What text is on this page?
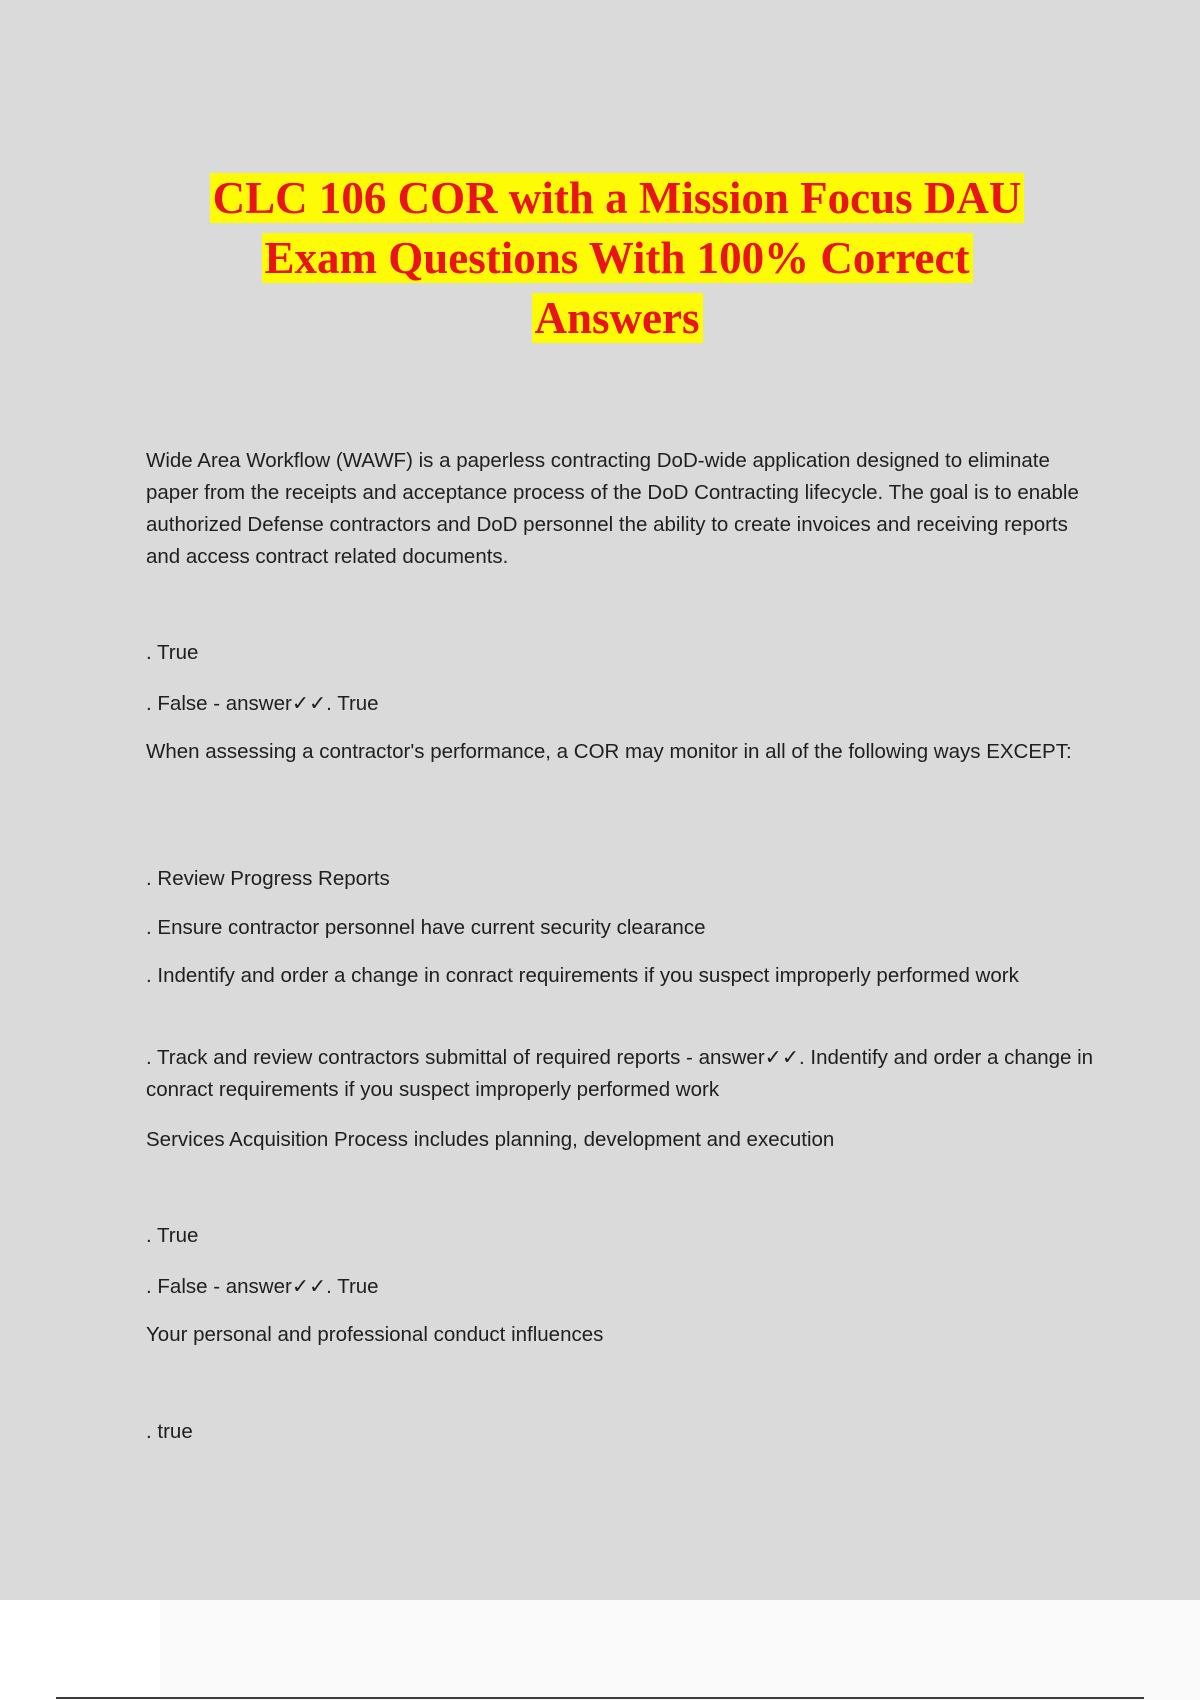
CLC 106 COR with a Mission Focus DAU
Exam Questions With 100% Correct
Answers

Wide Area Workflow (WAWF) is a paperless contracting DoD-wide application designed to eliminate paper from the receipts and acceptance process of the DoD Contracting lifecycle. The goal is to enable authorized Defense contractors and DoD personnel the ability to create invoices and receiving reports and access contract related documents.

. True

. False - answer✓✓. True

When assessing a contractor's performance, a COR may monitor in all of the following ways EXCEPT:

. Review Progress Reports

. Ensure contractor personnel have current security clearance

. Indentify and order a change in conract requirements if you suspect improperly performed work

. Track and review contractors submittal of required reports - answer✓✓. Indentify and order a change in conract requirements if you suspect improperly performed work

Services Acquisition Process includes planning, development and execution

. True

. False - answer✓✓. True

Your personal and professional conduct influences

. true
